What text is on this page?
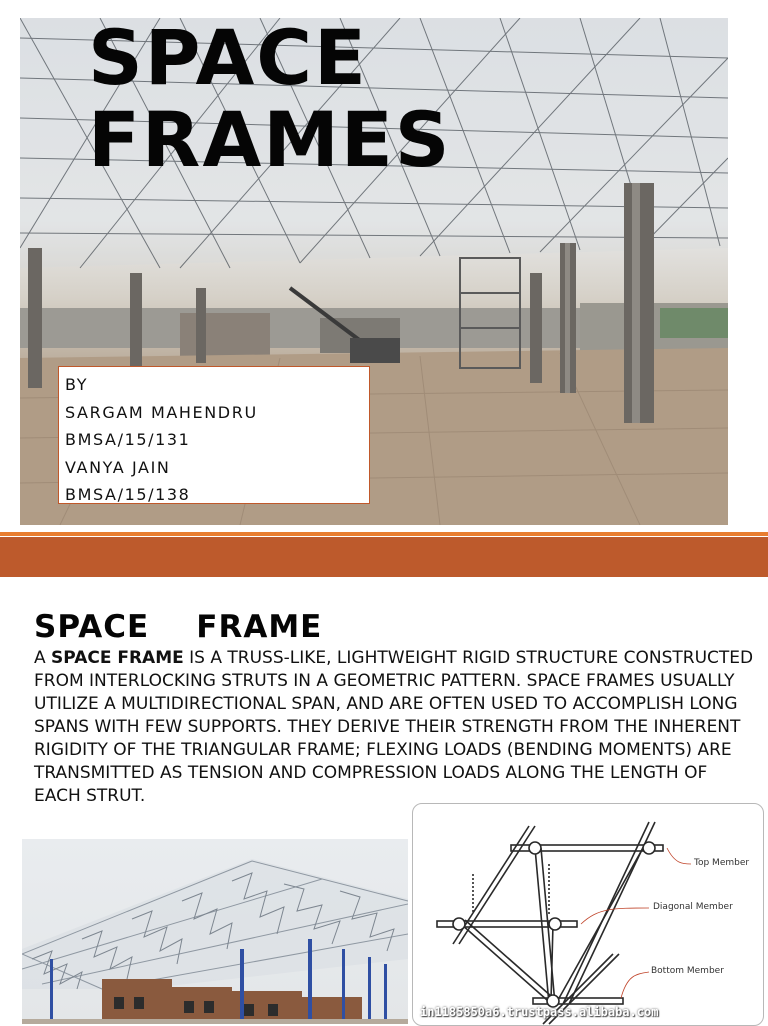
SPACE
FRAMES
BY
SARGAM MAHENDRU
BMSA/15/131
VANYA JAIN
BMSA/15/138
SPACE    FRAME

A SPACE FRAME IS A TRUSS-LIKE, LIGHTWEIGHT RIGID STRUCTURE CONSTRUCTED FROM INTERLOCKING STRUTS IN A GEOMETRIC PATTERN. SPACE FRAMES USUALLY UTILIZE A MULTIDIRECTIONAL SPAN, AND ARE OFTEN USED TO ACCOMPLISH LONG SPANS WITH FEW SUPPORTS. THEY DERIVE THEIR STRENGTH FROM THE INHERENT RIGIDITY OF THE TRIANGULAR FRAME; FLEXING LOADS (BENDING MOMENTS) ARE TRANSMITTED AS TENSION AND COMPRESSION LOADS ALONG THE LENGTH OF EACH STRUT.

Top Member
Diagonal Member
Bottom Member
in1185850a6.trustpass.alibaba.com
